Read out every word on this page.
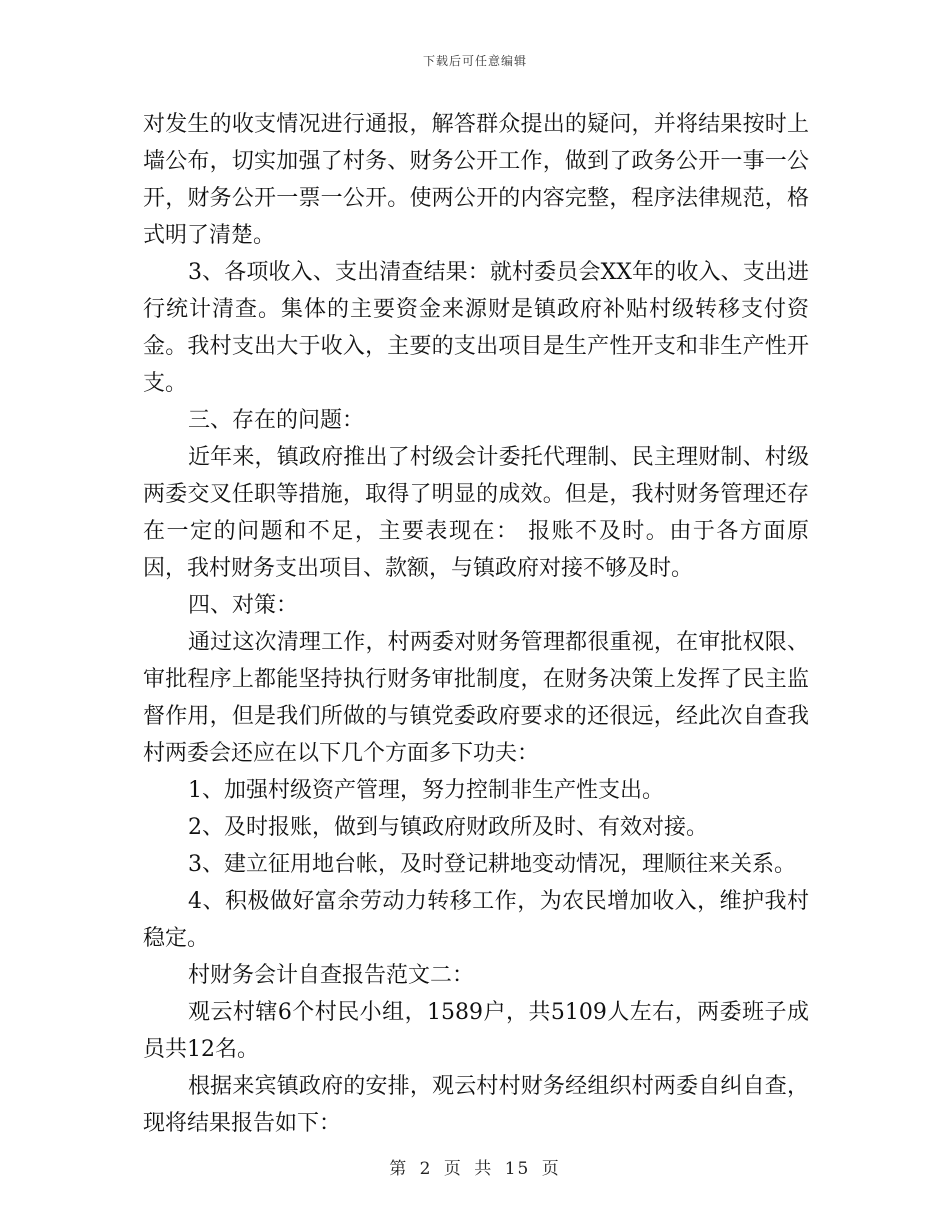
下载后可任意编辑

对发生的收支情况进行通报，解答群众提出的疑问，并将结果按时上墙公布，切实加强了村务、财务公开工作，做到了政务公开一事一公开，财务公开一票一公开。使两公开的内容完整，程序法律规范，格式明了清楚。

3、各项收入、支出清查结果：就村委员会XX年的收入、支出进行统计清查。集体的主要资金来源财是镇政府补贴村级转移支付资金。我村支出大于收入，主要的支出项目是生产性开支和非生产性开支。

三、存在的问题：

近年来，镇政府推出了村级会计委托代理制、民主理财制、村级两委交叉任职等措施，取得了明显的成效。但是，我村财务管理还存在一定的问题和不足，主要表现在： 报账不及时。由于各方面原因，我村财务支出项目、款额，与镇政府对接不够及时。

四、对策：

通过这次清理工作，村两委对财务管理都很重视，在审批权限、审批程序上都能坚持执行财务审批制度，在财务决策上发挥了民主监督作用，但是我们所做的与镇党委政府要求的还很远，经此次自查我村两委会还应在以下几个方面多下功夫：

1、加强村级资产管理，努力控制非生产性支出。

2、及时报账，做到与镇政府财政所及时、有效对接。

3、建立征用地台帐，及时登记耕地变动情况，理顺往来关系。

4、积极做好富余劳动力转移工作，为农民增加收入，维护我村稳定。

村财务会计自查报告范文二：

观云村辖6个村民小组，1589户，共5109人左右，两委班子成员共12名。

根据来宾镇政府的安排，观云村村财务经组织村两委自纠自查，现将结果报告如下：

第 2 页 共 15 页
